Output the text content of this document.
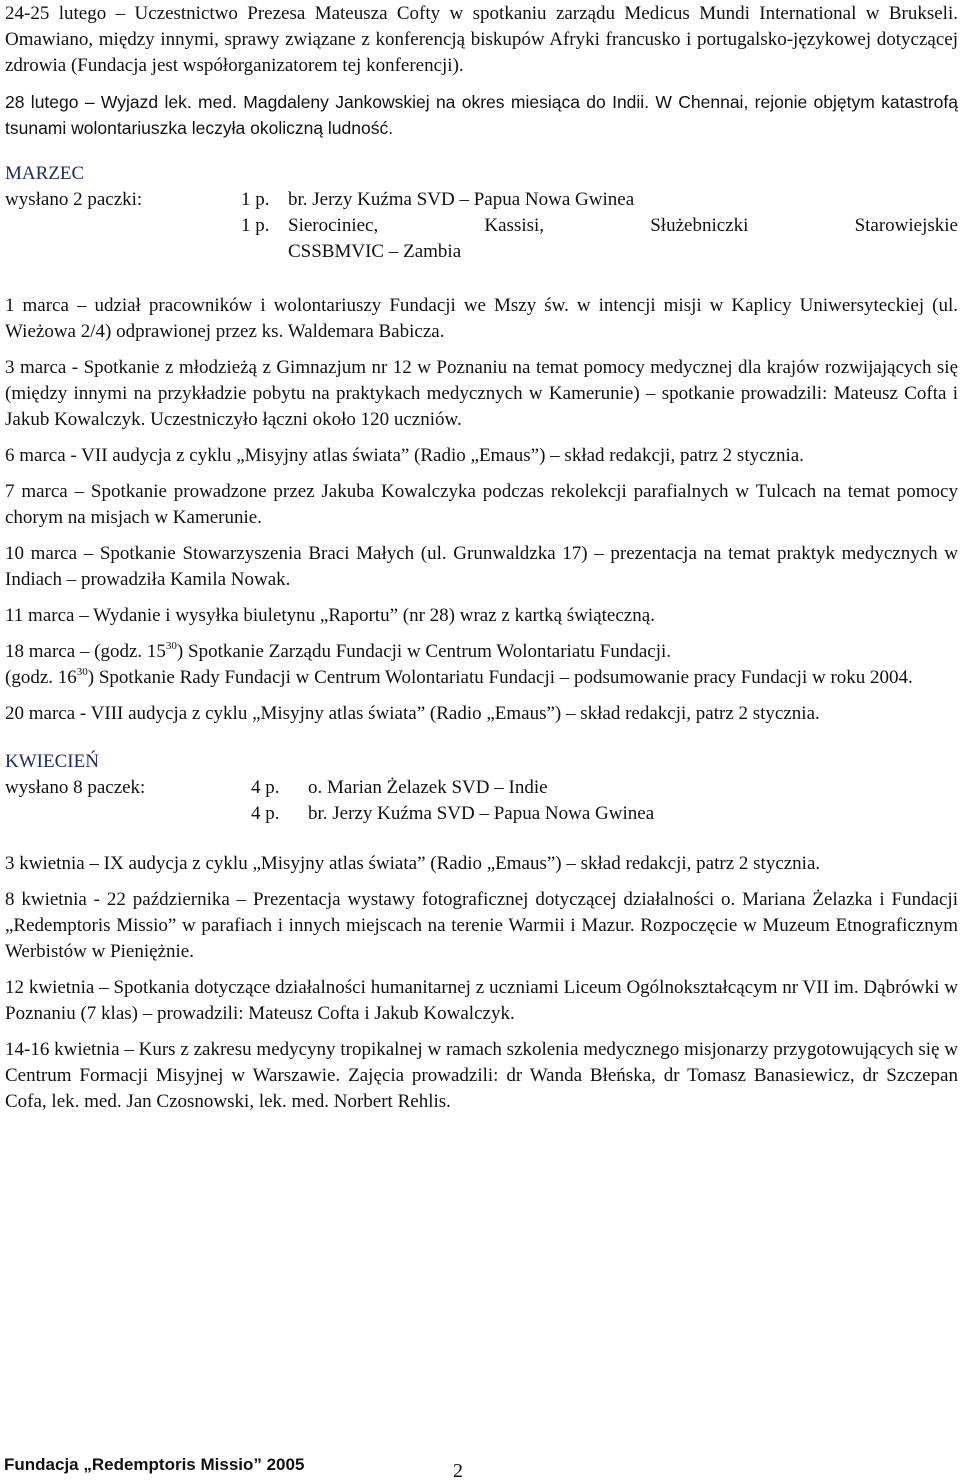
24-25 lutego – Uczestnictwo Prezesa Mateusza Cofty w spotkaniu zarządu Medicus Mundi International w Brukseli. Omawiano, między innymi, sprawy związane z konferencją biskupów Afryki francusko i portugalsko-językowej dotyczącej zdrowia (Fundacja jest współorganizatorem tej konferencji).

28 lutego – Wyjazd lek. med. Magdaleny Jankowskiej na okres miesiąca do Indii. W Chennai, rejonie objętym katastrofą tsunami wolontariuszka leczyła okoliczną ludność.

MARZEC

wysłano 2 paczki:	1 p. br. Jerzy Kuźma SVD – Papua Nowa Gwinea
1 p. Sierociniec, Kassisi, Służebniczki Starowiejskie
CSSBMVIC – Zambia

1 marca – udział pracowników i wolontariuszy Fundacji we Mszy św. w intencji misji w Kaplicy Uniwersyteckiej (ul. Wieżowa 2/4) odprawionej przez ks. Waldemara Babicza.

3 marca - Spotkanie z młodzieżą z Gimnazjum nr 12 w Poznaniu na temat pomocy medycznej dla krajów rozwijających się (między innymi na przykładzie pobytu na praktykach medycznych w Kamerunie) – spotkanie prowadzili: Mateusz Cofta i Jakub Kowalczyk. Uczestniczyło łączni około 120 uczniów.

6 marca - VII audycja z cyklu „Misyjny atlas świata” (Radio „Emaus”) – skład redakcji, patrz 2 stycznia.

7 marca – Spotkanie prowadzone przez Jakuba Kowalczyka podczas rekolekcji parafialnych w Tulcach na temat pomocy chorym na misjach w Kamerunie.

10 marca – Spotkanie Stowarzyszenia Braci Małych (ul. Grunwaldzka 17) – prezentacja na temat praktyk medycznych w Indiach – prowadziła Kamila Nowak.

11 marca – Wydanie i wysyłka biuletynu „Raportu” (nr 28) wraz z kartką świąteczną.

18 marca – (godz. $15^{30}$) Spotkanie Zarządu Fundacji w Centrum Wolontariatu Fundacji.

(godz. $16^{30}$) Spotkanie Rady Fundacji w Centrum Wolontariatu Fundacji – podsumowanie pracy Fundacji w roku 2004.

20 marca - VIII audycja z cyklu „Misyjny atlas świata” (Radio „Emaus”) – skład redakcji, patrz 2 stycznia.

KWIECIEŃ

wysłano 8 paczek:	4 p.	o. Marian Żelazek SVD – Indie
4 p.	br. Jerzy Kuźma SVD – Papua Nowa Gwinea

3 kwietnia – IX audycja z cyklu „Misyjny atlas świata” (Radio „Emaus”) – skład redakcji, patrz 2 stycznia.

8 kwietnia - 22 października – Prezentacja wystawy fotograficznej dotyczącej działalności o. Mariana Żelazka i Fundacji „Redemptoris Missio” w parafiach i innych miejscach na terenie Warmii i Mazur. Rozpoczęcie w Muzeum Etnograficznym Werbistów w Pieniężnie.

12 kwietnia – Spotkania dotyczące działalności humanitarnej z uczniami Liceum Ogólnokształcącym nr VII im. Dąbrówki w Poznaniu (7 klas) – prowadzili: Mateusz Cofta i Jakub Kowalczyk.

14-16 kwietnia – Kurs z zakresu medycyny tropikalnej w ramach szkolenia medycznego misjonarzy przygotowujących się w Centrum Formacji Misyjnej w Warszawie. Zajęcia prowadzili: dr Wanda Błeńska, dr Tomasz Banasiewicz, dr Szczepan Cofa, lek. med. Jan Czosnowski, lek. med. Norbert Rehlis.

Fundacja „Redemptoris Missio” 2005	2
